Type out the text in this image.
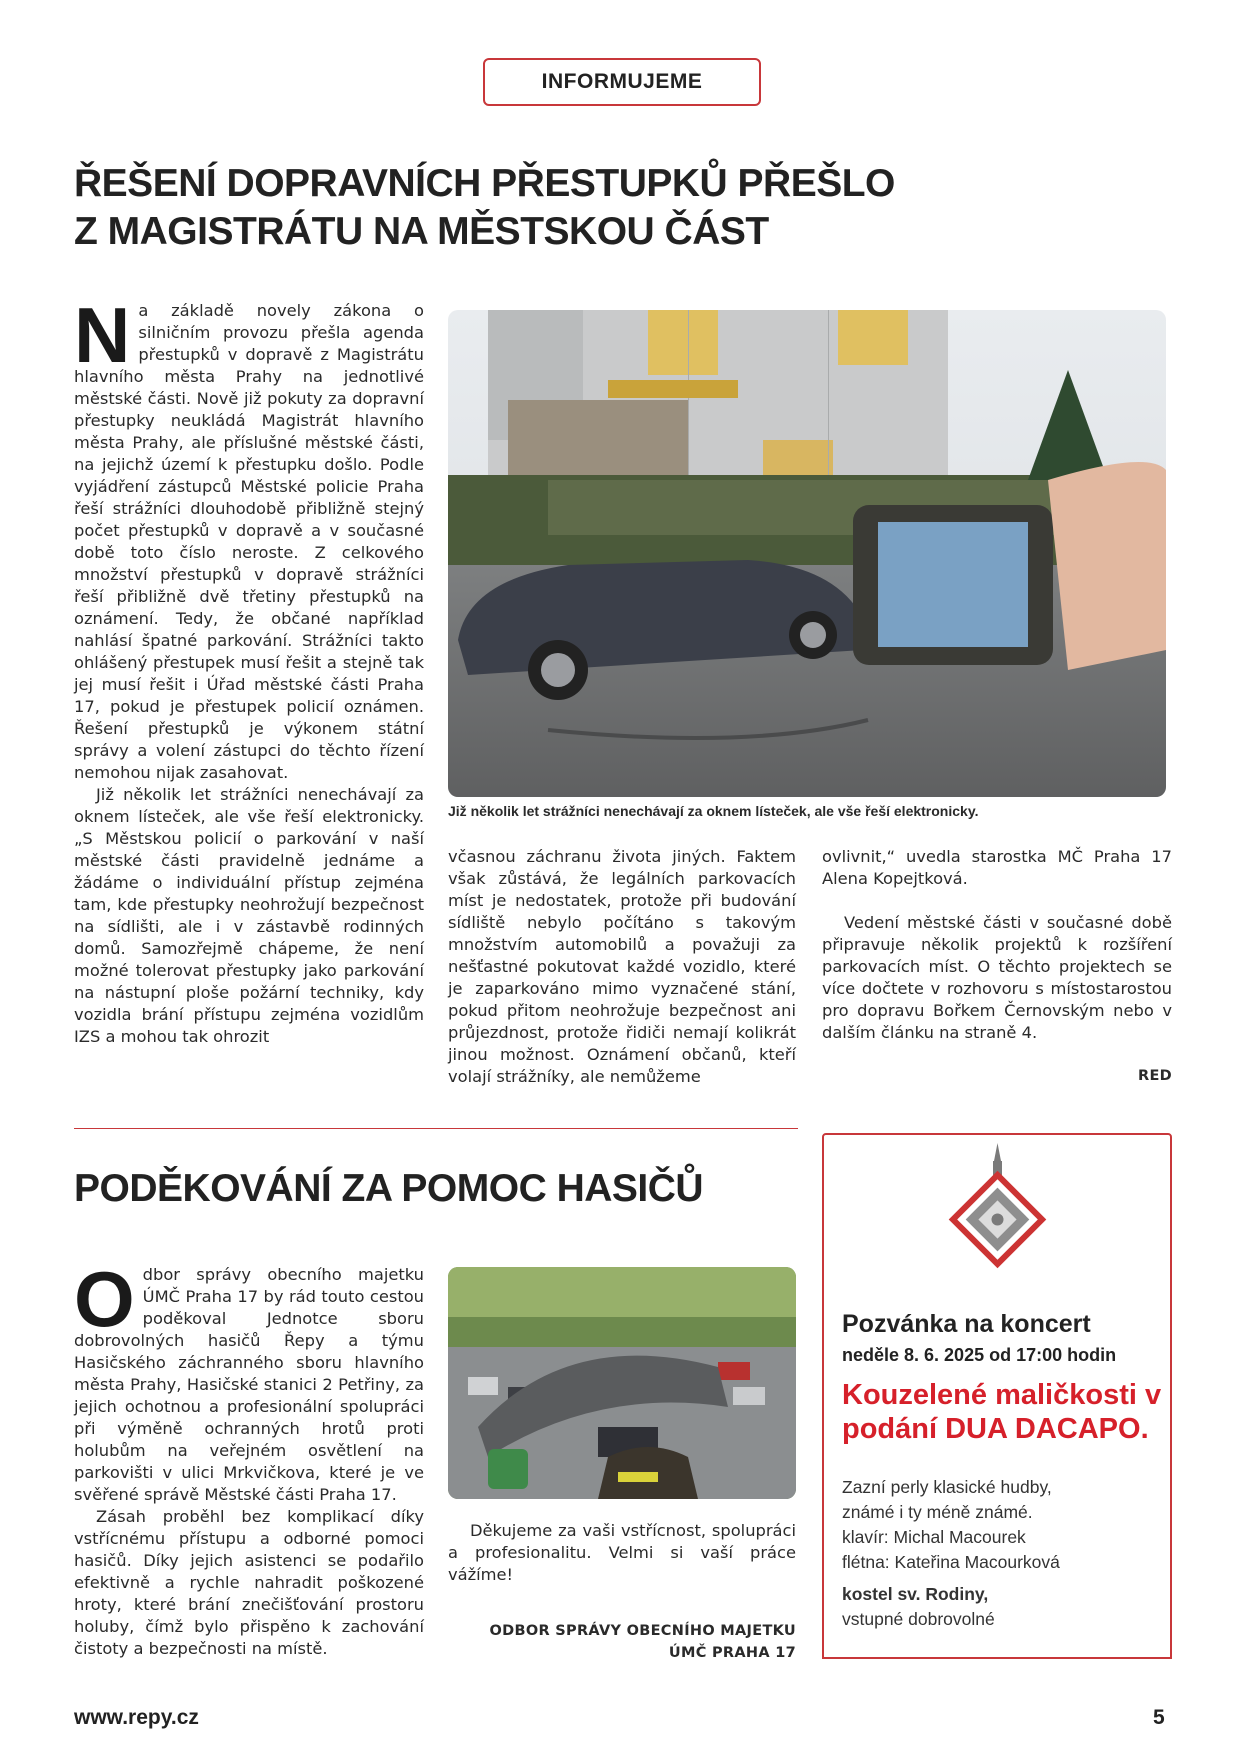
INFORMUJEME
ŘEŠENÍ DOPRAVNÍCH PŘESTUPKŮ PŘEŠLO
Z MAGISTRÁTU NA MĚSTSKOU ČÁST

N a základě novely zákona o silničním provozu přešla agenda přestupků v dopravě z Magistrátu hlavního města Prahy na jednotlivé městské části. Nově již pokuty za dopravní přestupky neukládá Magistrát hlavního města Prahy, ale příslušné městské části, na jejichž území k přestupku došlo. Podle vyjádření zástupců Městské policie Praha řeší strážníci dlouhodobě přibližně stejný počet přestupků v dopravě a v současné době toto číslo neroste. Z celkového množství přestupků v dopravě strážníci řeší přibližně dvě třetiny přestupků na oznámení. Tedy, že občané například nahlásí špatné parkování. Strážníci takto ohlášený přestupek musí řešit a stejně tak jej musí řešit i Úřad městské části Praha 17, pokud je přestupek policií oznámen. Řešení přestupků je výkonem státní správy a volení zástupci do těchto řízení nemohou nijak zasahovat.

Již několik let strážníci nenechávají za oknem lísteček, ale vše řeší elektronicky. „S Městskou policií o parkování v naší městské části pravidelně jednáme a žádáme o individuální přístup zejména tam, kde přestupky neohrožují bezpečnost na sídlišti, ale i v zástavbě rodinných domů. Samozřejmě chápeme, že není možné tolerovat přestupky jako parkování na nástupní ploše požární techniky, kdy vozidla brání přístupu zejména vozidlům IZS a mohou tak ohrozit

Již několik let strážníci nenechávají za oknem lísteček, ale vše řeší elektronicky.

včasnou záchranu života jiných. Faktem však zůstává, že legálních parkovacích míst je nedostatek, protože při budování sídliště nebylo počítáno s takovým množstvím automobilů a považuji za nešťastné pokutovat každé vozidlo, které je zaparkováno mimo vyznačené stání, pokud přitom neohrožuje bezpečnost ani průjezdnost, protože řidiči nemají kolikrát jinou možnost. Oznámení občanů, kteří volají strážníky, ale nemůžeme

ovlivnit,“ uvedla starostka MČ Praha 17 Alena Kopejtková.

Vedení městské části v současné době připravuje několik projektů k rozšíření parkovacích míst. O těchto projektech se více dočtete v rozhovoru s místostarostou pro dopravu Bořkem Černovským nebo v dalším článku na straně 4.

RED
PODĚKOVÁNÍ ZA POMOC HASIČŮ

O dbor správy obecního majetku ÚMČ Praha 17 by rád touto cestou poděkoval Jednotce sboru dobrovolných hasičů Řepy a týmu Hasičského záchranného sboru hlavního města Prahy, Hasičské stanici 2 Petřiny, za jejich ochotnou a profesionální spolupráci při výměně ochranných hrotů proti holubům na veřejném osvětlení na parkovišti v ulici Mrkvičkova, které je ve svěřené správě Městské části Praha 17.

Zásah proběhl bez komplikací díky vstřícnému přístupu a odborné pomoci hasičů. Díky jejich asistenci se podařilo efektivně a rychle nahradit poškozené hroty, které brání znečišťování prostoru holuby, čímž bylo přispěno k zachování čistoty a bezpečnosti na místě.

Děkujeme za vaši vstřícnost, spolupráci a profesionalitu. Velmi si vaší práce vážíme!

ODBOR SPRÁVY OBECNÍHO MAJETKU
ÚMČ PRAHA 17
Pozvánka na koncert
neděle 8. 6. 2025 od 17:00 hodin
Kouzelené maličkosti v podání DUA DACAPO.
Zazní perly klasické hudby,
známé i ty méně známé.
klavír: Michal Macourek
flétna: Kateřina Macourková
kostel sv. Rodiny,
vstupné dobrovolné
www.repy.cz	5
